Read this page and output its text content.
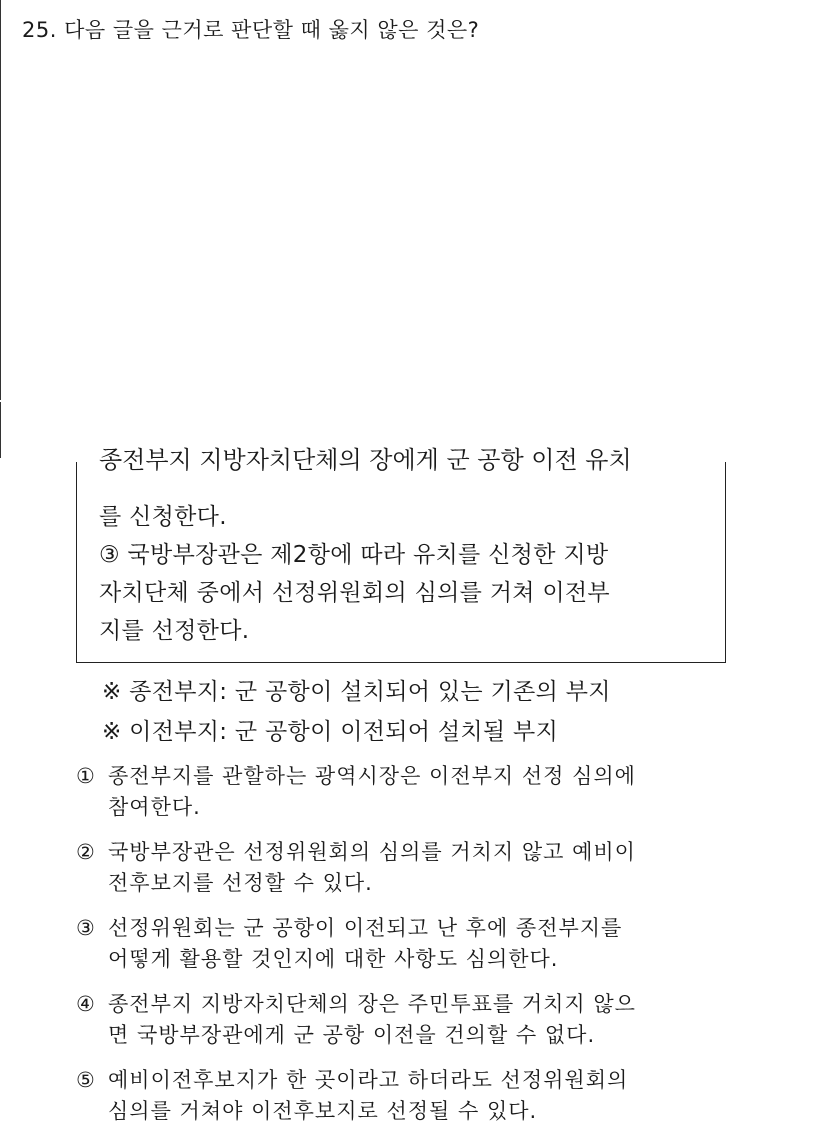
25. 다음 글을 근거로 판단할 때 옳지 않은 것은?

종전부지 지방자치단체의 장에게 군 공항 이전 유치

를 신청한다.
③ 국방부장관은 제2항에 따라 유치를 신청한 지방
자치단체 중에서 선정위원회의 심의를 거쳐 이전부
지를 선정한다.
※ 종전부지: 군 공항이 설치되어 있는 기존의 부지
※ 이전부지: 군 공항이 이전되어 설치될 부지
① 종전부지를 관할하는 광역시장은 이전부지 선정 심의에
참여한다.
② 국방부장관은 선정위원회의 심의를 거치지 않고 예비이
전후보지를 선정할 수 있다.
③ 선정위원회는 군 공항이 이전되고 난 후에 종전부지를
어떻게 활용할 것인지에 대한 사항도 심의한다.
④ 종전부지 지방자치단체의 장은 주민투표를 거치지 않으
면 국방부장관에게 군 공항 이전을 건의할 수 없다.
⑤ 예비이전후보지가 한 곳이라고 하더라도 선정위원회의
심의를 거쳐야 이전후보지로 선정될 수 있다.
